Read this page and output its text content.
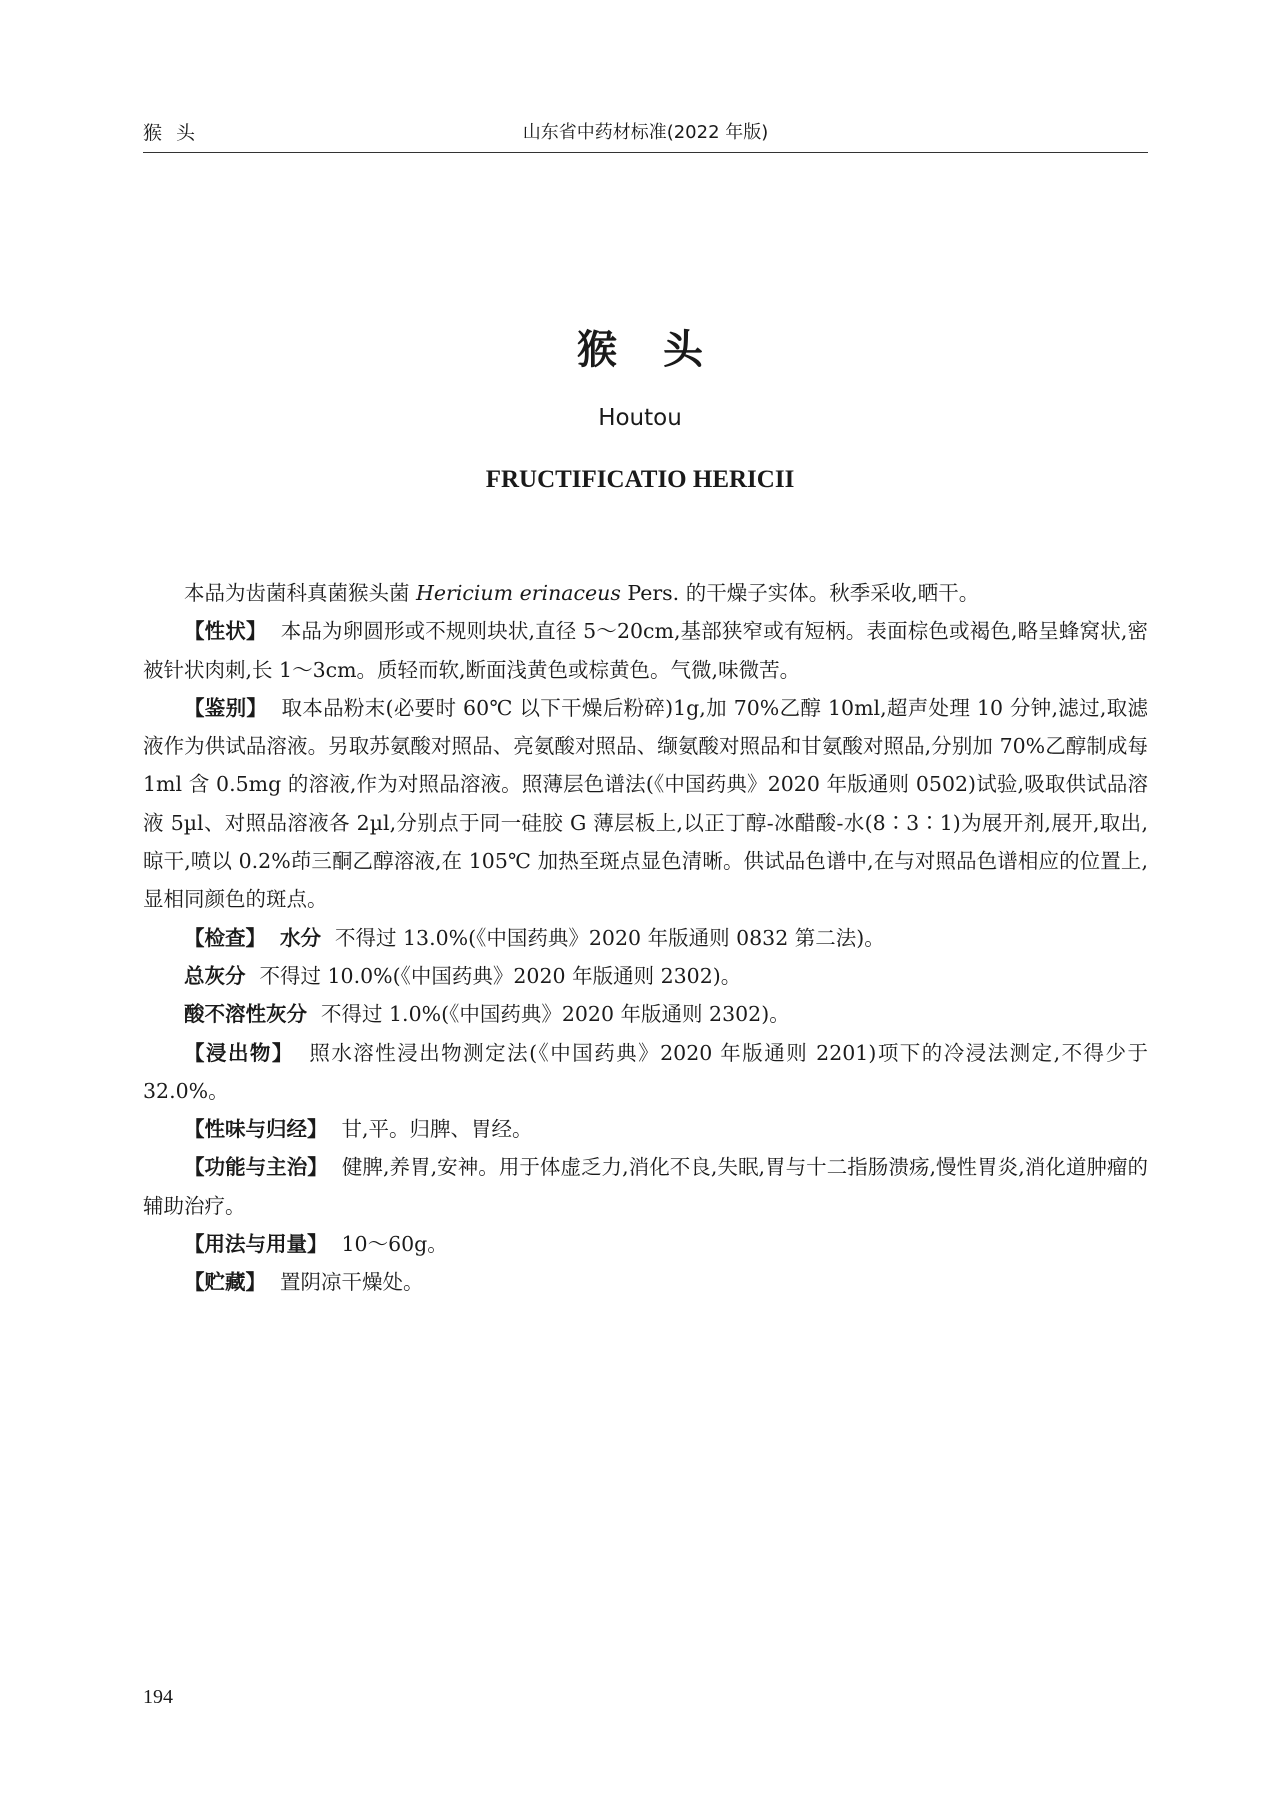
猴头	山东省中药材标准(2022 年版)
猴头
Houtou
FRUCTIFICATIO HERICII

本品为齿菌科真菌猴头菌 Hericium erinaceus Pers. 的干燥子实体。秋季采收,晒干。

【性状】 本品为卵圆形或不规则块状,直径 5～20cm,基部狭窄或有短柄。表面棕色或褐色,略呈蜂窝状,密被针状肉刺,长 1～3cm。质轻而软,断面浅黄色或棕黄色。气微,味微苦。

【鉴别】 取本品粉末(必要时 60℃ 以下干燥后粉碎)1g,加 70%乙醇 10ml,超声处理 10 分钟,滤过,取滤液作为供试品溶液。另取苏氨酸对照品、亮氨酸对照品、缬氨酸对照品和甘氨酸对照品,分别加 70%乙醇制成每 1ml 含 0.5mg 的溶液,作为对照品溶液。照薄层色谱法(《中国药典》2020 年版通则 0502)试验,吸取供试品溶液 5µl、对照品溶液各 2µl,分别点于同一硅胶 G 薄层板上,以正丁醇-冰醋酸-水(8∶3∶1)为展开剂,展开,取出,晾干,喷以 0.2%茚三酮乙醇溶液,在 105℃ 加热至斑点显色清晰。供试品色谱中,在与对照品色谱相应的位置上,显相同颜色的斑点。

【检查】 水分 不得过 13.0%(《中国药典》2020 年版通则 0832 第二法)。

总灰分 不得过 10.0%(《中国药典》2020 年版通则 2302)。

酸不溶性灰分 不得过 1.0%(《中国药典》2020 年版通则 2302)。

【浸出物】 照水溶性浸出物测定法(《中国药典》2020 年版通则 2201)项下的冷浸法测定,不得少于 32.0%。

【性味与归经】 甘,平。归脾、胃经。

【功能与主治】 健脾,养胃,安神。用于体虚乏力,消化不良,失眠,胃与十二指肠溃疡,慢性胃炎,消化道肿瘤的辅助治疗。

【用法与用量】 10～60g。

【贮藏】 置阴凉干燥处。

194
